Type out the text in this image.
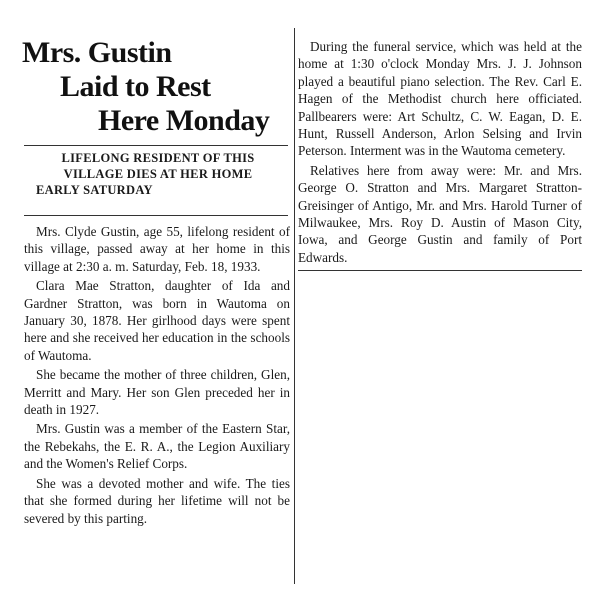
Mrs. Gustin
Laid to Rest
Here Monday
LIFELONG RESIDENT OF THIS
VILLAGE DIES AT HER HOME
EARLY SATURDAY

Mrs. Clyde Gustin, age 55, lifelong resident of this village, passed away at her home in this village at 2:30 a. m. Saturday, Feb. 18, 1933.

Clara Mae Stratton, daughter of Ida and Gardner Stratton, was born in Wautoma on January 30, 1878. Her girlhood days were spent here and she received her education in the schools of Wautoma.

She became the mother of three children, Glen, Merritt and Mary. Her son Glen preceded her in death in 1927.

Mrs. Gustin was a member of the Eastern Star, the Rebekahs, the E. R. A., the Legion Auxiliary and the Women's Relief Corps.

She was a devoted mother and wife. The ties that she formed during her lifetime will not be severed by this parting.

During the funeral service, which was held at the home at 1:30 o'clock Monday Mrs. J. J. Johnson played a beautiful piano selection. The Rev. Carl E. Hagen of the Methodist church here officiated. Pallbearers were: Art Schultz, C. W. Eagan, D. E. Hunt, Russell Anderson, Arlon Selsing and Irvin Peterson. Interment was in the Wautoma cemetery.

Relatives here from away were: Mr. and Mrs. George O. Stratton and Mrs. Margaret Stratton-Greisinger of Antigo, Mr. and Mrs. Harold Turner of Milwaukee, Mrs. Roy D. Austin of Mason City, Iowa, and George Gustin and family of Port Edwards.
